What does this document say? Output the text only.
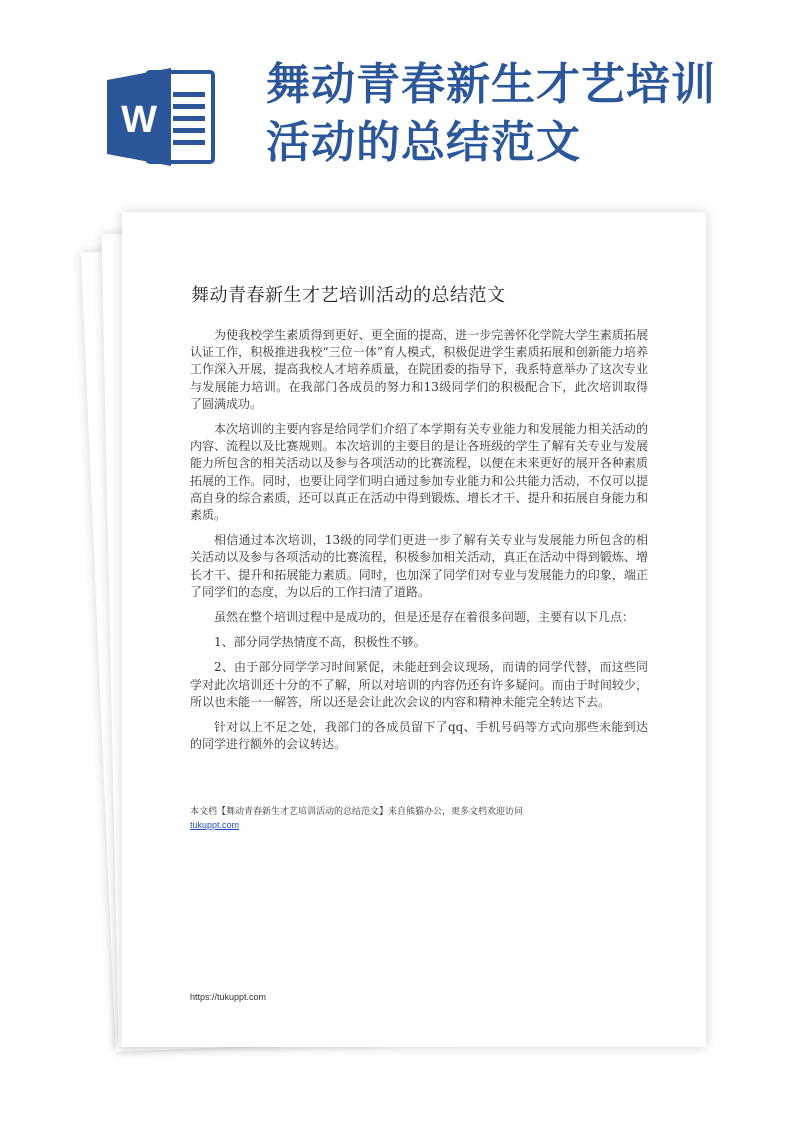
W
舞动青春新生才艺培训
活动的总结范文
舞动青春新生才艺培训活动的总结范文

为使我校学生素质得到更好、更全面的提高，进一步完善怀化学院大学生素质拓展认证工作，积极推进我校“三位一体”育人模式，积极促进学生素质拓展和创新能力培养工作深入开展，提高我校人才培养质量，在院团委的指导下，我系特意举办了这次专业与发展能力培训。在我部门各成员的努力和13级同学们的积极配合下，此次培训取得了圆满成功。

本次培训的主要内容是给同学们介绍了本学期有关专业能力和发展能力相关活动的内容、流程以及比赛规则。本次培训的主要目的是让各班级的学生了解有关专业与发展能力所包含的相关活动以及参与各项活动的比赛流程，以便在未来更好的展开各种素质拓展的工作。同时，也要让同学们明白通过参加专业能力和公共能力活动，不仅可以提高自身的综合素质，还可以真正在活动中得到锻炼、增长才干、提升和拓展自身能力和素质。

相信通过本次培训，13级的同学们更进一步了解有关专业与发展能力所包含的相关活动以及参与各项活动的比赛流程，积极参加相关活动，真正在活动中得到锻炼、增长才干、提升和拓展能力素质。同时，也加深了同学们对专业与发展能力的印象，端正了同学们的态度，为以后的工作扫清了道路。

虽然在整个培训过程中是成功的，但是还是存在着很多问题，主要有以下几点：

1、部分同学热情度不高，积极性不够。

2、由于部分同学学习时间紧促，未能赶到会议现场，而请的同学代替，而这些同学对此次培训还十分的不了解，所以对培训的内容仍还有许多疑问。而由于时间较少，所以也未能一一解答，所以还是会让此次会议的内容和精神未能完全转达下去。

针对以上不足之处，我部门的各成员留下了qq、手机号码等方式向那些未能到达的同学进行额外的会议转达。

本文档【舞动青春新生才艺培训活动的总结范文】来自熊猫办公，更多文档欢迎访问
tukuppt.com
https://tukuppt.com
